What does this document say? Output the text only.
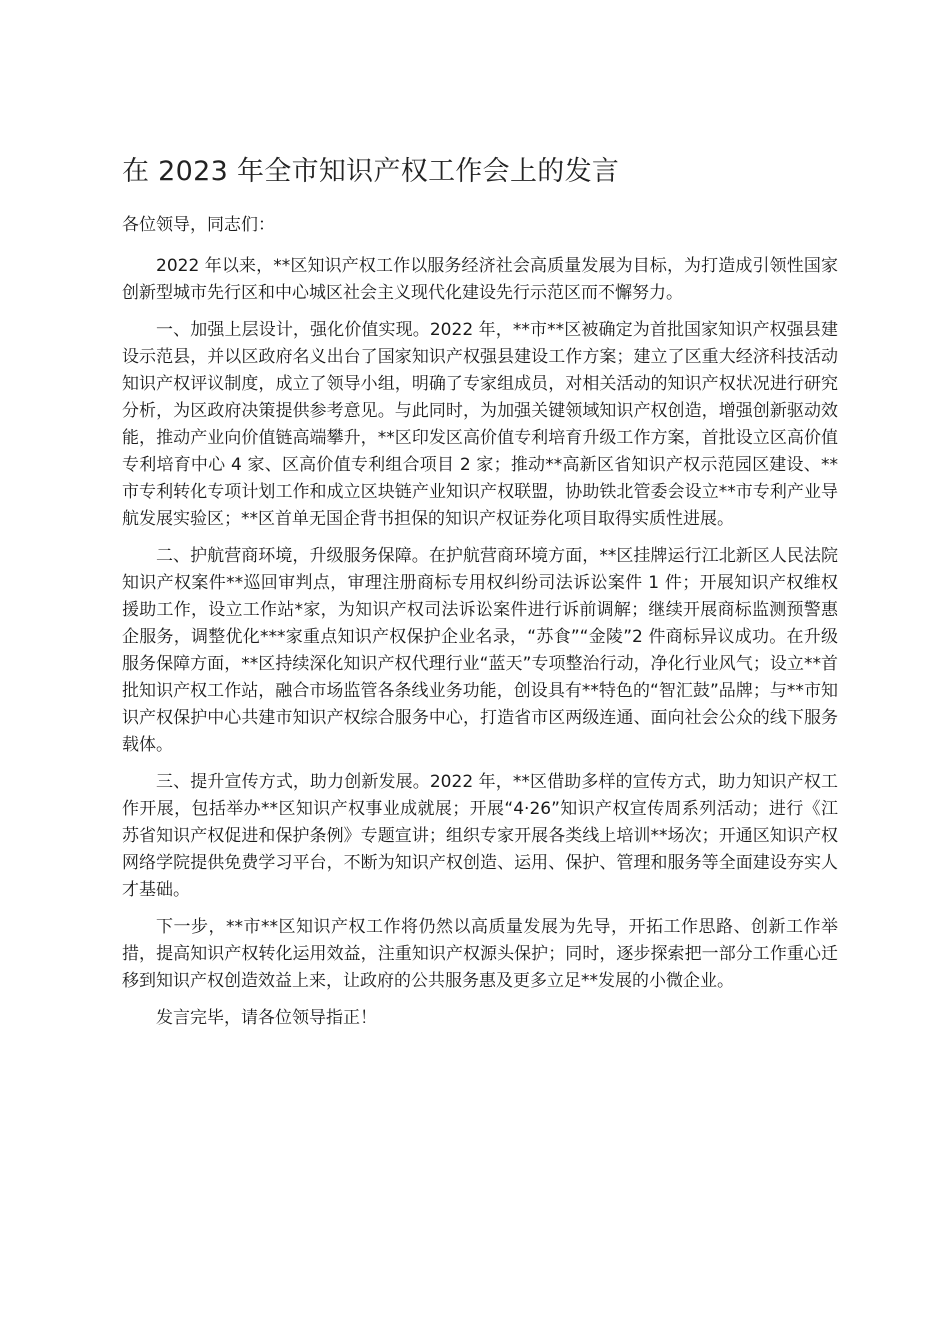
在 2023 年全市知识产权工作会上的发言

各位领导，同志们：

2022 年以来，**区知识产权工作以服务经济社会高质量发展为目标，为打造成引领性国家创新型城市先行区和中心城区社会主义现代化建设先行示范区而不懈努力。

一、加强上层设计，强化价值实现。2022 年，**市**区被确定为首批国家知识产权强县建设示范县，并以区政府名义出台了国家知识产权强县建设工作方案；建立了区重大经济科技活动知识产权评议制度，成立了领导小组，明确了专家组成员，对相关活动的知识产权状况进行研究分析，为区政府决策提供参考意见。与此同时，为加强关键领域知识产权创造，增强创新驱动效能，推动产业向价值链高端攀升，**区印发区高价值专利培育升级工作方案，首批设立区高价值专利培育中心 4 家、区高价值专利组合项目 2 家；推动**高新区省知识产权示范园区建设、**市专利转化专项计划工作和成立区块链产业知识产权联盟，协助铁北管委会设立**市专利产业导航发展实验区；**区首单无国企背书担保的知识产权证券化项目取得实质性进展。

二、护航营商环境，升级服务保障。在护航营商环境方面，**区挂牌运行江北新区人民法院知识产权案件**巡回审判点，审理注册商标专用权纠纷司法诉讼案件 1 件；开展知识产权维权援助工作，设立工作站*家，为知识产权司法诉讼案件进行诉前调解；继续开展商标监测预警惠企服务，调整优化***家重点知识产权保护企业名录，“苏食”“金陵”2 件商标异议成功。在升级服务保障方面，**区持续深化知识产权代理行业“蓝天”专项整治行动，净化行业风气；设立**首批知识产权工作站，融合市场监管各条线业务功能，创设具有**特色的“智汇鼓”品牌；与**市知识产权保护中心共建市知识产权综合服务中心，打造省市区两级连通、面向社会公众的线下服务载体。

三、提升宣传方式，助力创新发展。2022 年，**区借助多样的宣传方式，助力知识产权工作开展，包括举办**区知识产权事业成就展；开展“4·26”知识产权宣传周系列活动；进行《江苏省知识产权促进和保护条例》专题宣讲；组织专家开展各类线上培训**场次；开通区知识产权网络学院提供免费学习平台，不断为知识产权创造、运用、保护、管理和服务等全面建设夯实人才基础。

下一步，**市**区知识产权工作将仍然以高质量发展为先导，开拓工作思路、创新工作举措，提高知识产权转化运用效益，注重知识产权源头保护；同时，逐步探索把一部分工作重心迁移到知识产权创造效益上来，让政府的公共服务惠及更多立足**发展的小微企业。

发言完毕，请各位领导指正！
